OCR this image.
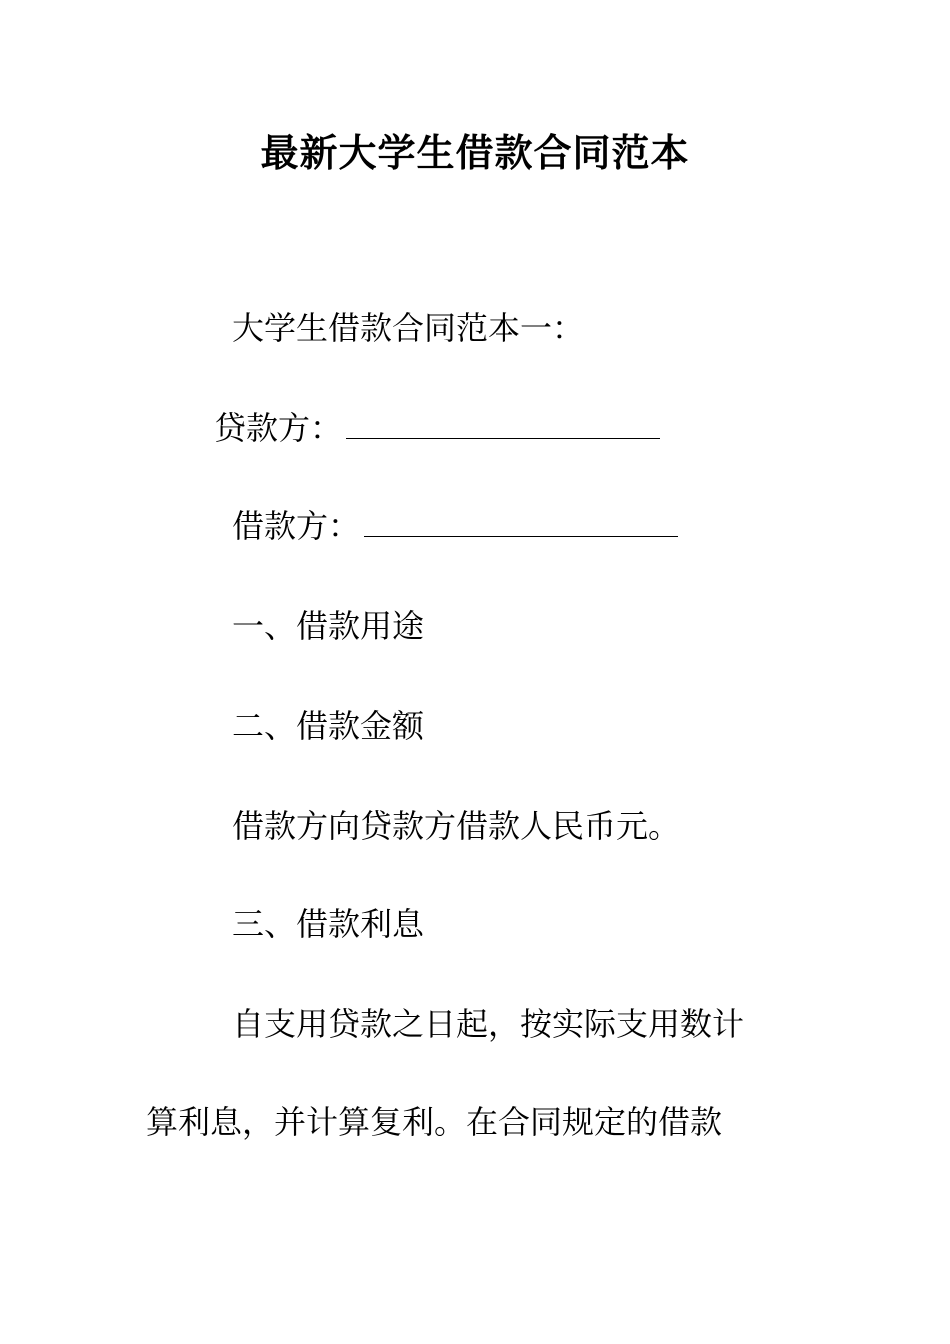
最新大学生借款合同范本
大学生借款合同范本一：
贷款方：
借款方：
一、借款用途
二、借款金额
借款方向贷款方借款人民币元。
三、借款利息
自支用贷款之日起，按实际支用数计
算利息，并计算复利。在合同规定的借款
